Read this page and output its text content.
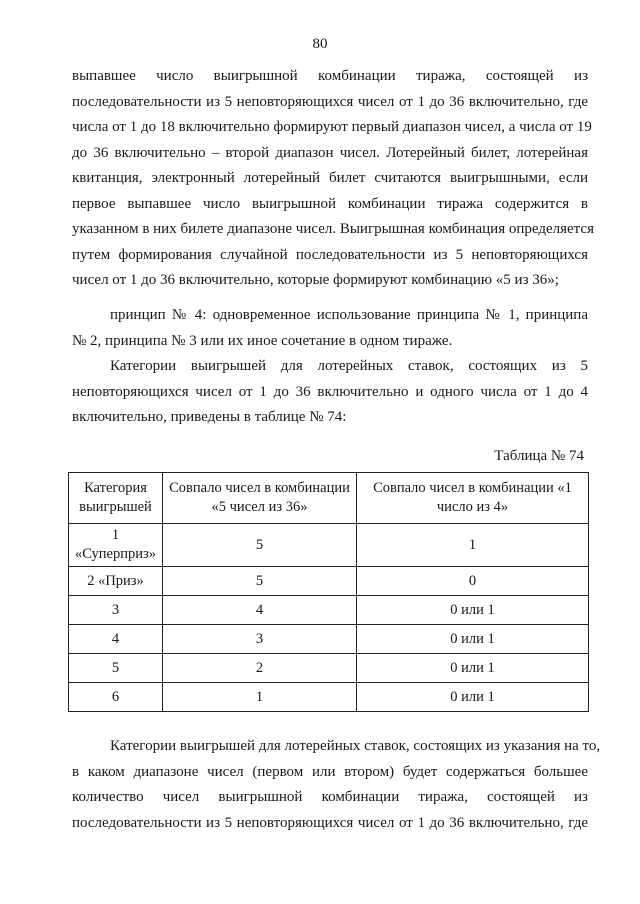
80
выпавшее число выигрышной комбинации тиража, состоящей из
последовательности из 5 неповторяющихся чисел от 1 до 36 включительно, где
числа от 1 до 18 включительно формируют первый диапазон чисел, а числа от 19
до 36 включительно – второй диапазон чисел. Лотерейный билет, лотерейная
квитанция, электронный лотерейный билет считаются выигрышными, если
первое выпавшее число выигрышной комбинации тиража содержится в
указанном в них билете диапазоне чисел. Выигрышная комбинация определяется
путем формирования случайной последовательности из 5 неповторяющихся
чисел от 1 до 36 включительно, которые формируют комбинацию «5 из 36»;
принцип № 4: одновременное использование принципа № 1, принципа
№ 2, принципа № 3 или их иное сочетание в одном тираже.
Категории выигрышей для лотерейных ставок, состоящих из 5
неповторяющихся чисел от 1 до 36 включительно и одного числа от 1 до 4
включительно, приведены в таблице № 74:
Таблица № 74
Категория выигрышей	Совпало чисел в комбинации «5 чисел из 36»	Совпало чисел в комбинации «1 число из 4»
1 «Суперприз»	5	1
2 «Приз»	5	0
3	4	0 или 1
4	3	0 или 1
5	2	0 или 1
6	1	0 или 1
Категории выигрышей для лотерейных ставок, состоящих из указания на то,
в каком диапазоне чисел (первом или втором) будет содержаться большее
количество чисел выигрышной комбинации тиража, состоящей из
последовательности из 5 неповторяющихся чисел от 1 до 36 включительно, где
